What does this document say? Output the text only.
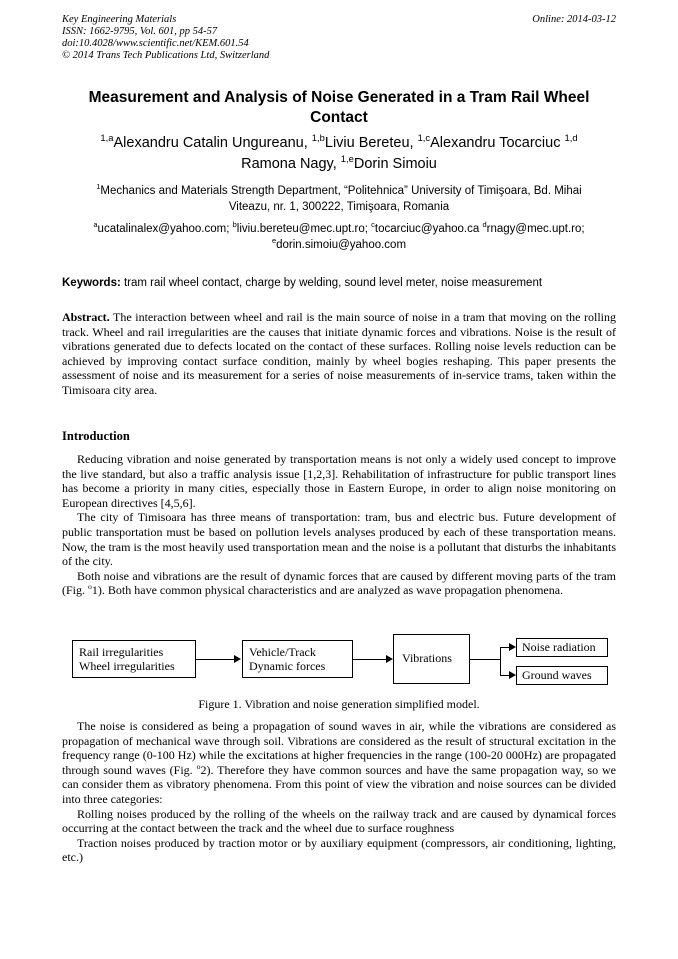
Key Engineering Materials
ISSN: 1662-9795, Vol. 601, pp 54-57
doi:10.4028/www.scientific.net/KEM.601.54
© 2014 Trans Tech Publications Ltd, Switzerland
Online: 2014-03-12
Measurement and Analysis of Noise Generated in a Tram Rail Wheel
Contact
$^{1,a}$Alexandru Catalin Ungureanu, $^{1,b}$Liviu Bereteu, $^{1,c}$Alexandru Tocarciuc $^{1,d}$
Ramona Nagy, $^{1,e}$Dorin Simoiu
$^1$Mechanics and Materials Strength Department, “Politehnica” University of Timişoara, Bd. Mihai
Viteazu, nr. 1, 300222, Timişoara, Romania
$^a$ucatalinalex@yahoo.com; $^b$liviu.bereteu@mec.upt.ro; $^c$tocarciuc@yahoo.ca $^d$rnagy@mec.upt.ro;
$^e$dorin.simoiu@yahoo.com
Keywords: tram rail wheel contact, charge by welding, sound level meter, noise measurement

Abstract. The interaction between wheel and rail is the main source of noise in a tram that moving on the rolling track. Wheel and rail irregularities are the causes that initiate dynamic forces and vibrations. Noise is the result of vibrations generated due to defects located on the contact of these surfaces. Rolling noise levels reduction can be achieved by improving contact surface condition, mainly by wheel bogies reshaping. This paper presents the assessment of noise and its measurement for a series of noise measurements of in-service trams, taken within the Timisoara city area.

Introduction

Reducing vibration and noise generated by transportation means is not only a widely used concept to improve the live standard, but also a traffic analysis issue [1,2,3]. Rehabilitation of infrastructure for public transport lines has become a priority in many cities, especially those in Eastern Europe, in order to align noise monitoring on European directives [4,5,6].

The city of Timisoara has three means of transportation: tram, bus and electric bus. Future development of public transportation must be based on pollution levels analyses produced by each of these transportation means. Now, the tram is the most heavily used transportation mean and the noise is a pollutant that disturbs the inhabitants of the city.

Both noise and vibrations are the result of dynamic forces that are caused by different moving parts of the tram (Fig. $^o$1). Both have common physical characteristics and are analyzed as wave propagation phenomena.

Rail irregularities
Wheel irregularities
Vehicle/Track
Dynamic forces
Vibrations
Noise radiation
Ground waves
Figure 1. Vibration and noise generation simplified model.

The noise is considered as being a propagation of sound waves in air, while the vibrations are considered as propagation of mechanical wave through soil. Vibrations are considered as the result of structural excitation in the frequency range (0-100 Hz) while the excitations at higher frequencies in the range (100-20 000Hz) are propagated through sound waves (Fig. $^o$2). Therefore they have common sources and have the same propagation way, so we can consider them as vibratory phenomena. From this point of view the vibration and noise sources can be divided into three categories:

Rolling noises produced by the rolling of the wheels on the railway track and are caused by dynamical forces occurring at the contact between the track and the wheel due to surface roughness

Traction noises produced by traction motor or by auxiliary equipment (compressors, air conditioning, lighting, etc.)
